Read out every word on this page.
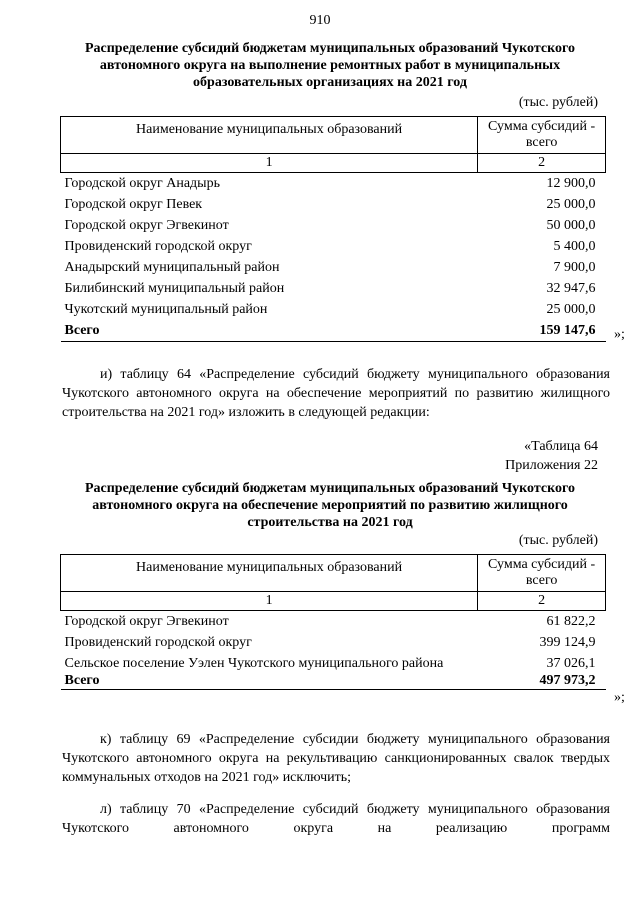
910
Распределение субсидий бюджетам муниципальных образований Чукотского автономного округа на выполнение ремонтных работ в муниципальных образовательных организациях на 2021 год
(тыс. рублей)
Наименование муниципальных образований	Сумма субсидий - всего
1	2
Городской округ Анадырь	12 900,0
Городской округ Певек	25 000,0
Городской округ Эгвекинот	50 000,0
Провиденский городской округ	5 400,0
Анадырский муниципальный район	7 900,0
Билибинский муниципальный район	32 947,6
Чукотский муниципальный район	25 000,0
Всего	159 147,6 »;
и) таблицу 64 «Распределение субсидий бюджету муниципального образования Чукотского автономного округа на обеспечение мероприятий по развитию жилищного строительства на 2021 год» изложить в следующей редакции:
«Таблица 64
Приложения 22
Распределение субсидий бюджетам муниципальных образований Чукотского автономного округа на обеспечение мероприятий по развитию жилищного строительства на 2021 год
(тыс. рублей)
Наименование муниципальных образований	Сумма субсидий - всего
1	2
Городской округ Эгвекинот	61 822,2
Провиденский городской округ	399 124,9
Сельское поселение Уэлен Чукотского муниципального района	37 026,1
Всего	497 973,2
»;
к) таблицу 69 «Распределение субсидии бюджету муниципального образования Чукотского автономного округа на рекультивацию санкционированных свалок твердых коммунальных отходов на 2021 год» исключить;
л) таблицу 70 «Распределение субсидий бюджету муниципального образования Чукотского автономного округа на реализацию программ
